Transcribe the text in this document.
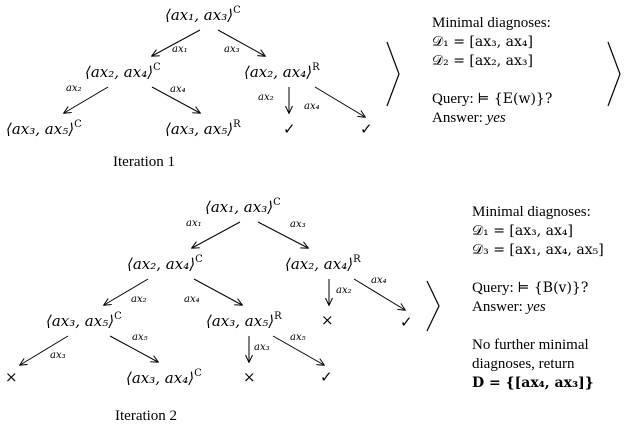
⟨ax₁, ax₃⟩$^C$
⟨ax₂, ax₄⟩$^C$	⟨ax₂, ax₄⟩$^R$
⟨ax₃, ax₅⟩$^C$	⟨ax₃, ax₅⟩$^R$
ax₁	ax₃
ax₂	ax₄
ax₂
ax₄
✓	✓
Iteration 1
⟨ax₁, ax₃⟩$^C$
⟨ax₂, ax₄⟩$^C$	⟨ax₂, ax₄⟩$^R$
⟨ax₃, ax₅⟩$^C$	⟨ax₃, ax₅⟩$^R$
⟨ax₃, ax₄⟩$^C$
ax₁	ax₃
ax₂	ax₄
ax₂
ax₄
ax₃
ax₅
ax₃
ax₅
×
✓
×
×	✓
Iteration 2
Minimal diagnoses:
𝒟₁ = [ax₃, ax₄]
𝒟₂ = [ax₂, ax₃]
Query: ⊨ {E(w)}?
Answer: yes
Minimal diagnoses:
𝒟₁ = [ax₃, ax₄]
𝒟₃ = [ax₁, ax₄, ax₅]
Query: ⊨ {B(v)}?
Answer: yes
No further minimal
diagnoses, return
D = {[ax₄, ax₃]}
